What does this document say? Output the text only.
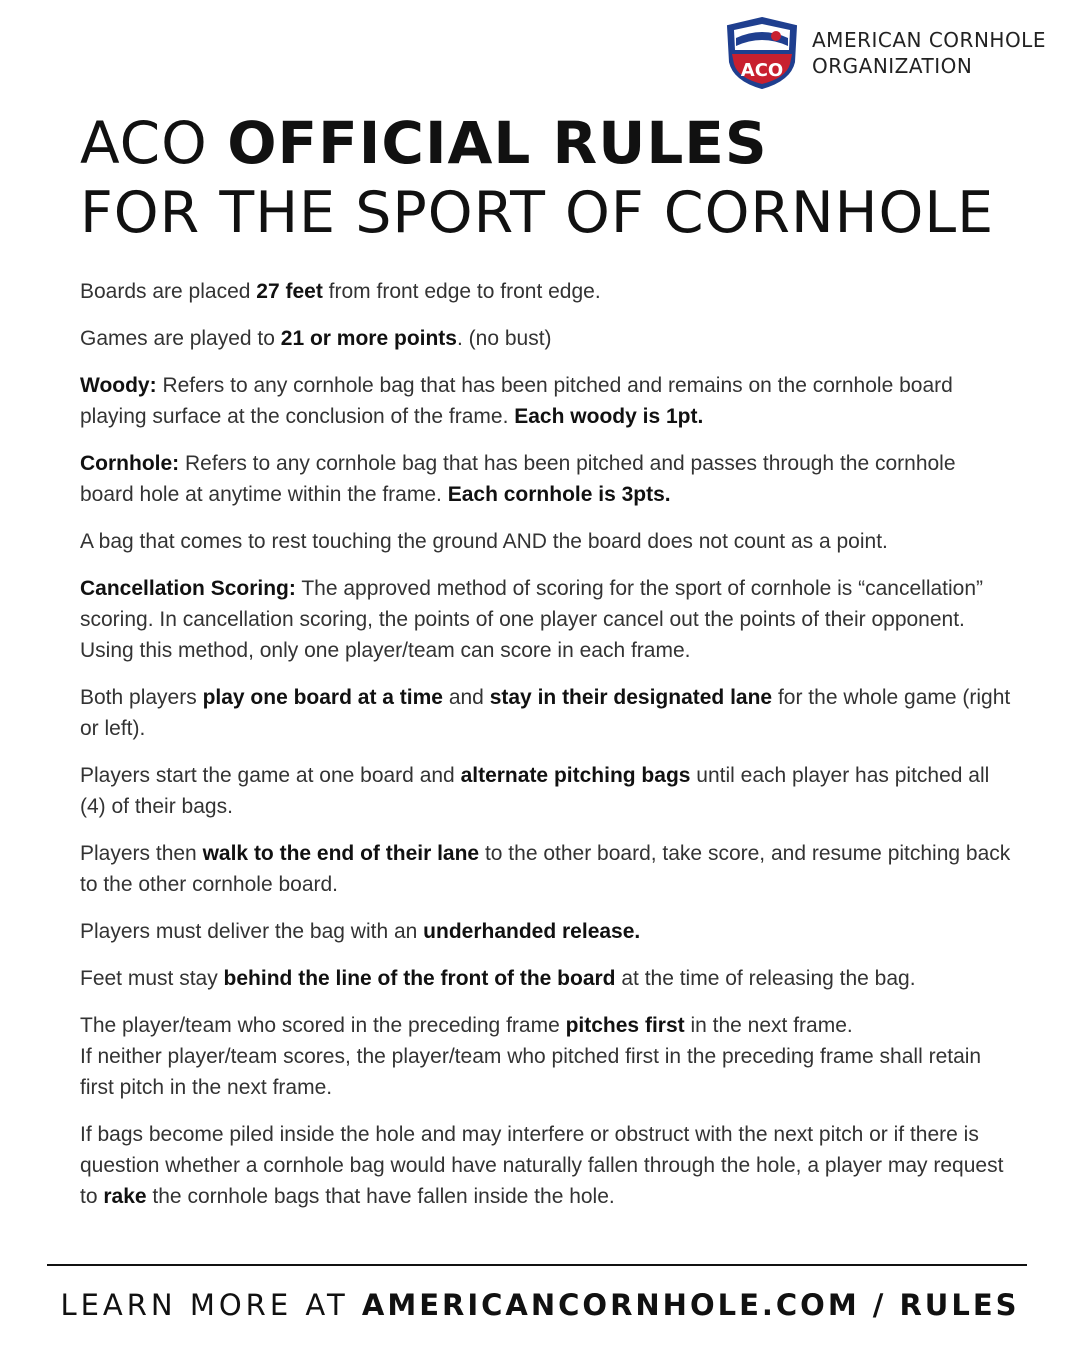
ACO
AMERICAN CORNHOLE
ORGANIZATION
ACO OFFICIAL RULES
FOR THE SPORT OF CORNHOLE

Boards are placed 27 feet from front edge to front edge.

Games are played to 21 or more points. (no bust)

Woody: Refers to any cornhole bag that has been pitched and remains on the cornhole board playing surface at the conclusion of the frame. Each woody is 1pt.

Cornhole: Refers to any cornhole bag that has been pitched and passes through the cornhole board hole at anytime within the frame. Each cornhole is 3pts.

A bag that comes to rest touching the ground AND the board does not count as a point.

Cancellation Scoring: The approved method of scoring for the sport of cornhole is “cancellation” scoring. In cancellation scoring, the points of one player cancel out the points of their opponent. Using this method, only one player/team can score in each frame.

Both players play one board at a time and stay in their designated lane for the whole game (right or left).

Players start the game at one board and alternate pitching bags until each player has pitched all (4) of their bags.

Players then walk to the end of their lane to the other board, take score, and resume pitching back to the other cornhole board.

Players must deliver the bag with an underhanded release.

Feet must stay behind the line of the front of the board at the time of releasing the bag.

The player/team who scored in the preceding frame pitches first in the next frame.
If neither player/team scores, the player/team who pitched first in the preceding frame shall retain first pitch in the next frame.

If bags become piled inside the hole and may interfere or obstruct with the next pitch or if there is question whether a cornhole bag would have naturally fallen through the hole, a player may request to rake the cornhole bags that have fallen inside the hole.

LEARN MORE AT AMERICANCORNHOLE.COM / RULES
